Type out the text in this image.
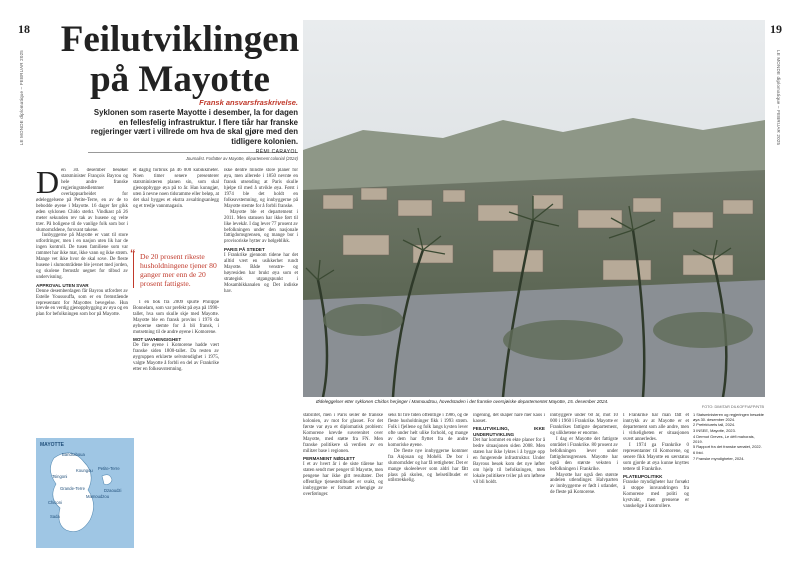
18	19
LE MONDE diplomatique – FEBRUAR 2025	LE MONDE diplomatique – FEBRUAR 2025
Feilutviklingen på Mayotte
Fransk ansvarsfraskrivelse.
Syklonen som raserte Mayotte i desember, la for dagen en fellesfelig infrastruktur. I flere tiår har franske regjeringer vært i villrede om hva de skal gjøre med den tidligere kolonien.
RÉMI CARAYOL
Journalist. Forfatter av Mayotte, département colonial (2024)
Ødeleggelser etter syklonen Chidos herjinger i Mamoudzou, hovedstaden i det franske oversjøiske departementet Mayotte, 15. desember 2024.
FOTO: DIMITAR DILKOFF/AFP/NTB

Den 30. desember besøker statsminister François Bayrou og hele andre franske regjeringsmedlemmer overlappsarbeidet for ødeleggelsene på Petite-Terre, en av de to bebodde øyene i Mayotte. 16 dager før gikk øden syklonen Chido sterkt. Vindkast på 26 meter sekunden rev tak av husene og velte trær. På boligene til de vanlige folk som bor i slumområdene, forsvant takene.

Innbyggerne på Mayotte er vant til store utfordringer, men i en nasjon uten lik har de ingen kontroll. De tusen familiene som var rammet har ikke mat, ikke vann og ikke strøm. Mange vet ikke hvor de skal sove. De fleste husene i slumområdene ble jevnet med jorden, og skolene fremstår uegnet for tilbud av undervisning.

APPROVAL UTEN SVAR

Denne desemberdagen får Bayrou utfordret av Estelle Youssouffa, som er en fremstående representant for Mayottes bevegelse. Hun krevde en verdig gjenoppbygging av øya og en plan for befolkningen som bor på Mayotte.

MAYOTTE
Grande-Terre
Petite-Terre
Mamoudzou
Dzaoudzi
Tsingoni
Chiconi
Sada
Koungou
Bandraboua

et daglig forbruk på 46 000 kubikkmeter. Noen timer senere presenterer statsministeren planen sin, som skal gjenoppbygge øya på to år. Han kunngjør, uten å nevne noen tidsramme eller beløp, at det skal bygges et ekstra avsaltingsanlegg og et tredje vannmagasin.

“ De 20 prosent rikeste husholdningene tjener 80 ganger mer enn de 20 prosent fattigste.

I en bok fra 2009 spurte Philippe Bonnelam, som var prefekt på øya på 1990-tallet, hva som skulle skje med Mayotte. Mayotte ble en fransk provins i 1976 da øyboerne stemte for å bli fransk, i motsetning til de andre øyene i Komorene.

MOT UAVHENGIGHET

De fire øyene i Komorene hadde vært franske siden 1800-tallet. Da resten av øygruppen erklærte selvstendighet i 1975, valgte Mayotte å forbli en del av Frankrike etter en folkeavstemning.

ikke dentre mindre store planer for øya, men allerede i 1850 nevnte en fransk utsending at Paris skulle hjelpe til med å utvikle øya. Først i 1974 ble det holdt en folkeavstemning, og innbyggerne på Mayotte stemte for å forbli franske.

Mayotte ble et departement i 2011. Men statusen har ikke ført til like levekår. I dag lever 77 prosent av befolkningen under den nasjonale fattigdomsgrensen, og mange bor i provisoriske hytter av bølgeblikk.

PARIS PÅ STEDET

I Frankrike gjennom tidene har det alltid vært en usikkerhet rundt Mayotte. Både venstre- og høyresiden har brukt øya som et strategisk utgangspunkt i Mosambikkanalen og Det indiske hav.

stabilitet, men i Paris seiler de franske kolonien, av mot for glasset. For det første var øya et diplomatisk problem: Komorene krevde suverenitet over Mayotte, med støtte fra FN. Men franske politikere så verdien av en militær base i regionen.

PERMANENT NØDLETT

I et av hvert år i de siste tiårene har staten sendt mer penger til Mayotte, men pengene har ikke gitt resultater. Det offentlige tjenestetilbudet er svakt, og innbyggerne er fortsatt avhengige av overføringer.

seks til fire tiden offentlige i 1986, og de fleste husholdninger fikk i 1993 strøm. Folk i fjellene og folk langs kysten lever ofte under helt ulike forhold, og mange av dem har flyttet fra de andre komoriske øyene.

De fleste nye innbyggerne kommer fra Anjouan og Mohéli. De bor i slumområder og har få rettigheter. Det er mange skoleelever som aldri har fått plass på skolen, og helsetilbudet er utilstrekkelig.

ingening, det skaper hare mer kaos i kaoset.

FEILUTVIKLING, IKKE UNDERUTVIKLING

Det har kommet en ekte planer for å bedre situasjonen siden 2008. Men staten har ikke lyktes i å bygge opp en fungerende infrastruktur. Under Bayrous besøk kom det nye løfter om hjelp til befolkningen, men lokale politikere tviler på om løftene vil bli holdt.

innbyggere under 60 år, mot 10 000 i 1960 i Frankrike. Mayotte er Frankrikes fattigste departement, og ulikhetene er enorme.

I dag er Mayotte det fattigste området i Frankrike. 80 prosent av befolkningen lever under fattigdomsgrensen. Mayotte har også den største veksten i befolkningen i Frankrike.

Mayotte har også den største andelen utlendinger. Halvparten av innbyggerne er født i utlandet, de fleste på Komorene.

I Frankrike har man fått et inntrykk av at Mayotte er et departement som alle andre, men i virkeligheten er situasjonen svært annerledes.

I 1974 ga Frankrike 0 representanter til Komorene, og senere fikk Mayotte en særstatus som gjorde at øya kunne knyttes tettere til Frankrike.

PLATEUPOLITIKK

Franske myndigheter har forsøkt å stoppe innvandringen fra Komorene med politi og kystvakt, men grensene er vanskelige å kontrollere.

1 Statsministeren og regjeringen besøkte øya 30. desember 2024.
2 Prefekturets tall, 2024.
3 INSEE, Mayotte, 2023.
4 Dermot Greves, Le défi mahorais, 2019.
5 Rapport fra det franske senatet, 2022.
6 Ibid.
7 Franske myndigheter, 2024.
